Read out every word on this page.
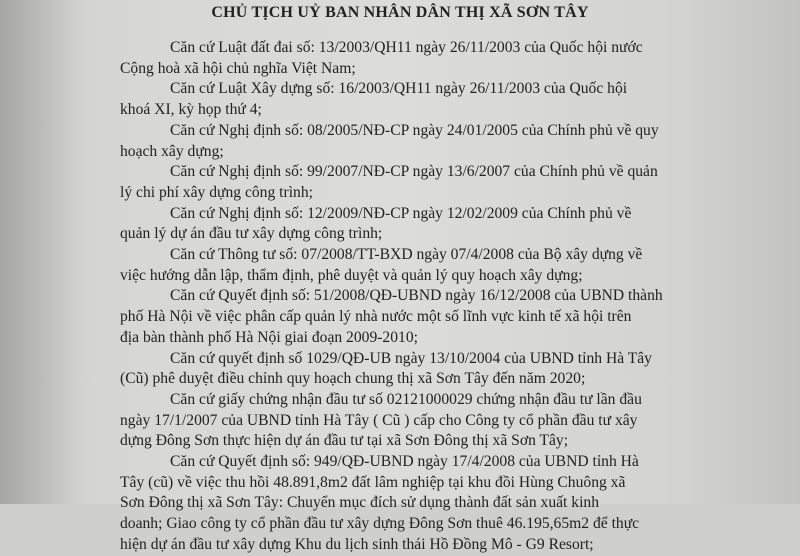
CHỦ TỊCH UỶ BAN NHÂN DÂN THỊ XÃ SƠN TÂY
Căn cứ Luật đất đai số: 13/2003/QH11 ngày 26/11/2003 của Quốc hội nước
Cộng hoà xã hội chủ nghĩa Việt Nam;
Căn cứ Luật Xây dựng số: 16/2003/QH11 ngày 26/11/2003 của Quốc hội
khoá XI, kỳ họp thứ 4;
Căn cứ Nghị định số: 08/2005/NĐ-CP ngày 24/01/2005 của Chính phủ về quy
hoạch xây dựng;
Căn cứ Nghị định số: 99/2007/NĐ-CP ngày 13/6/2007 của Chính phủ về quản
lý chi phí xây dựng công trình;
Căn cứ Nghị định số: 12/2009/NĐ-CP ngày 12/02/2009 của Chính phủ về
quản lý dự án đầu tư xây dựng công trình;
Căn cứ Thông tư số: 07/2008/TT-BXD ngày 07/4/2008 của Bộ xây dựng về
việc hướng dẫn lập, thẩm định, phê duyệt và quản lý quy hoạch xây dựng;
Căn cứ Quyết định số: 51/2008/QĐ-UBND ngày 16/12/2008 của UBND thành
phố Hà Nội về việc phân cấp quản lý nhà nước một số lĩnh vực kinh tế xã hội trên
địa bàn thành phố Hà Nội giai đoạn 2009-2010;
Căn cứ quyết định số 1029/QĐ-UB ngày 13/10/2004 của UBND tỉnh Hà Tây
(Cũ) phê duyệt điều chỉnh quy hoạch chung thị xã Sơn Tây đến năm 2020;
Căn cứ giấy chứng nhận đầu tư số 02121000029 chứng nhận đầu tư lần đầu
ngày 17/1/2007 của UBND tỉnh Hà Tây ( Cũ ) cấp cho Công ty cổ phần đầu tư xây
dựng Đông Sơn thực hiện dự án đầu tư tại xã Sơn Đông thị xã Sơn Tây;
Căn cứ Quyết định số: 949/QĐ-UBND ngày 17/4/2008 của UBND tỉnh Hà
Tây (cũ) về việc thu hồi 48.891,8m2 đất lâm nghiệp tại khu đồi Hùng Chuông xã
Sơn Đông thị xã Sơn Tây: Chuyển mục đích sử dụng thành đất sản xuất kinh
doanh; Giao công ty cổ phần đầu tư xây dựng Đông Sơn thuê 46.195,65m2 để thực
hiện dự án đầu tư xây dựng Khu du lịch sinh thái Hồ Đồng Mô - G9 Resort;
